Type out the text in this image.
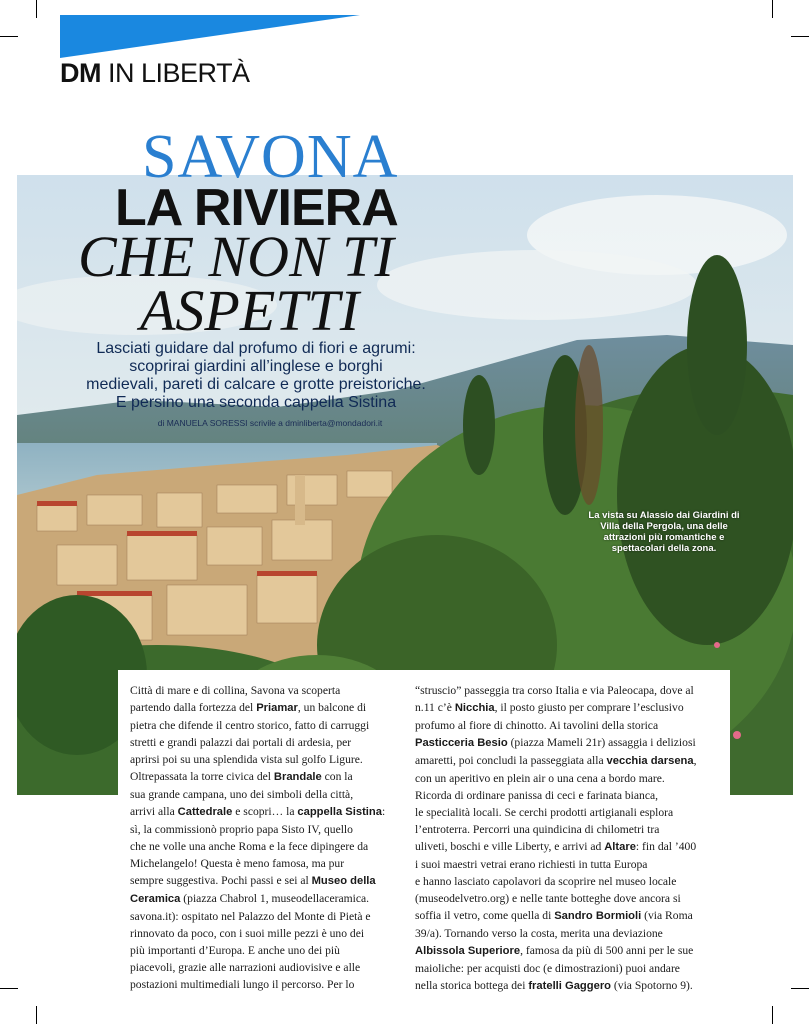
DM IN LIBERTÀ
SAVONA
LA RIVIERA
CHE NON TI
ASPETTI
Lasciati guidare dal profumo di fiori e agrumi:
scoprirai giardini all’inglese e borghi
medievali, pareti di calcare e grotte preistoriche.
E persino una seconda cappella Sistina
di MANUELA SORESSI scrivile a dminliberta@mondadori.it
La vista su Alassio dai Giardini di Villa della Pergola, una delle attrazioni più romantiche e spettacolari della zona.
Città di mare e di collina, Savona va scoperta
partendo dalla fortezza del Priamar, un balcone di
pietra che difende il centro storico, fatto di carruggi
stretti e grandi palazzi dai portali di ardesia, per
aprirsi poi su una splendida vista sul golfo Ligure.
Oltrepassata la torre civica del Brandale con la
sua grande campana, uno dei simboli della città,
arrivi alla Cattedrale e scopri… la cappella Sistina:
sì, la commissionò proprio papa Sisto IV, quello
che ne volle una anche Roma e la fece dipingere da
Michelangelo! Questa è meno famosa, ma pur
sempre suggestiva. Pochi passi e sei al Museo della
Ceramica (piazza Chabrol 1, museodellaceramica.
savona.it): ospitato nel Palazzo del Monte di Pietà e
rinnovato da poco, con i suoi mille pezzi è uno dei
più importanti d’Europa. E anche uno dei più
piacevoli, grazie alle narrazioni audiovisive e alle
postazioni multimediali lungo il percorso. Per lo
“struscio” passeggia tra corso Italia e via Paleocapa, dove al
n.11 c’è Nicchia, il posto giusto per comprare l’esclusivo
profumo al fiore di chinotto. Ai tavolini della storica
Pasticceria Besio (piazza Mameli 21r) assaggia i deliziosi
amaretti, poi concludi la passeggiata alla vecchia darsena,
con un aperitivo en plein air o una cena a bordo mare.
Ricorda di ordinare panissa di ceci e farinata bianca,
le specialità locali. Se cerchi prodotti artigianali esplora
l’entroterra. Percorri una quindicina di chilometri tra
uliveti, boschi e ville Liberty, e arrivi ad Altare: fin dal ’400
i suoi maestri vetrai erano richiesti in tutta Europa
e hanno lasciato capolavori da scoprire nel museo locale
(museodelvetro.org) e nelle tante botteghe dove ancora si
soffia il vetro, come quella di Sandro Bormioli (via Roma
39/a). Tornando verso la costa, merita una deviazione
Albissola Superiore, famosa da più di 500 anni per le sue
maioliche: per acquisti doc (e dimostrazioni) puoi andare
nella storica bottega dei fratelli Gaggero (via Spotorno 9).
